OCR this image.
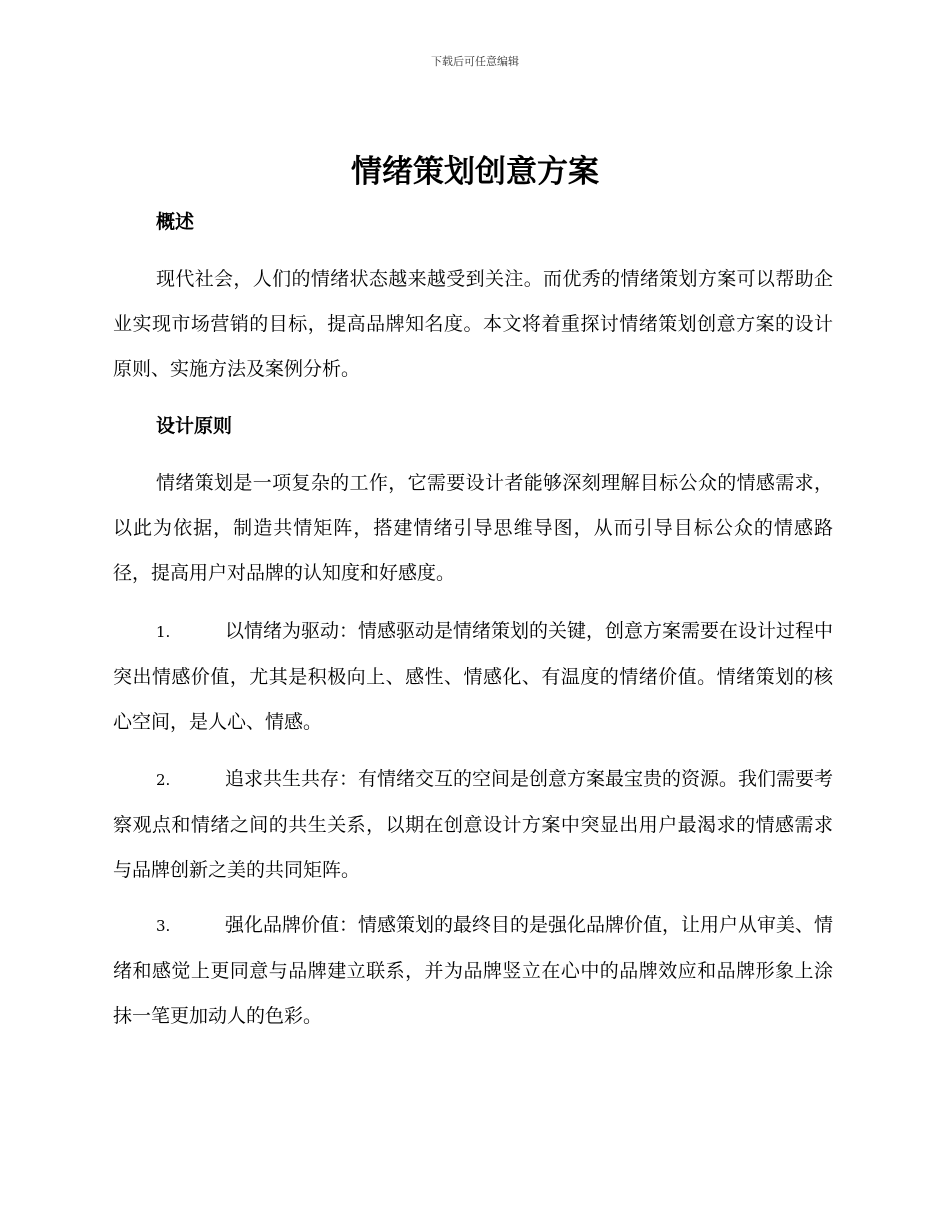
下载后可任意编辑
情绪策划创意方案
概述

现代社会，人们的情绪状态越来越受到关注。而优秀的情绪策划方案可以帮助企业实现市场营销的目标，提高品牌知名度。本文将着重探讨情绪策划创意方案的设计原则、实施方法及案例分析。

设计原则

情绪策划是一项复杂的工作，它需要设计者能够深刻理解目标公众的情感需求，以此为依据，制造共情矩阵，搭建情绪引导思维导图，从而引导目标公众的情感路径，提高用户对品牌的认知度和好感度。

1.	以情绪为驱动：情感驱动是情绪策划的关键，创意方案需要在设计过程中突出情感价值，尤其是积极向上、感性、情感化、有温度的情绪价值。情绪策划的核心空间，是人心、情感。

2.	追求共生共存：有情绪交互的空间是创意方案最宝贵的资源。我们需要考察观点和情绪之间的共生关系，以期在创意设计方案中突显出用户最渴求的情感需求与品牌创新之美的共同矩阵。

3.	强化品牌价值：情感策划的最终目的是强化品牌价值，让用户从审美、情绪和感觉上更同意与品牌建立联系，并为品牌竖立在心中的品牌效应和品牌形象上涂抹一笔更加动人的色彩。
